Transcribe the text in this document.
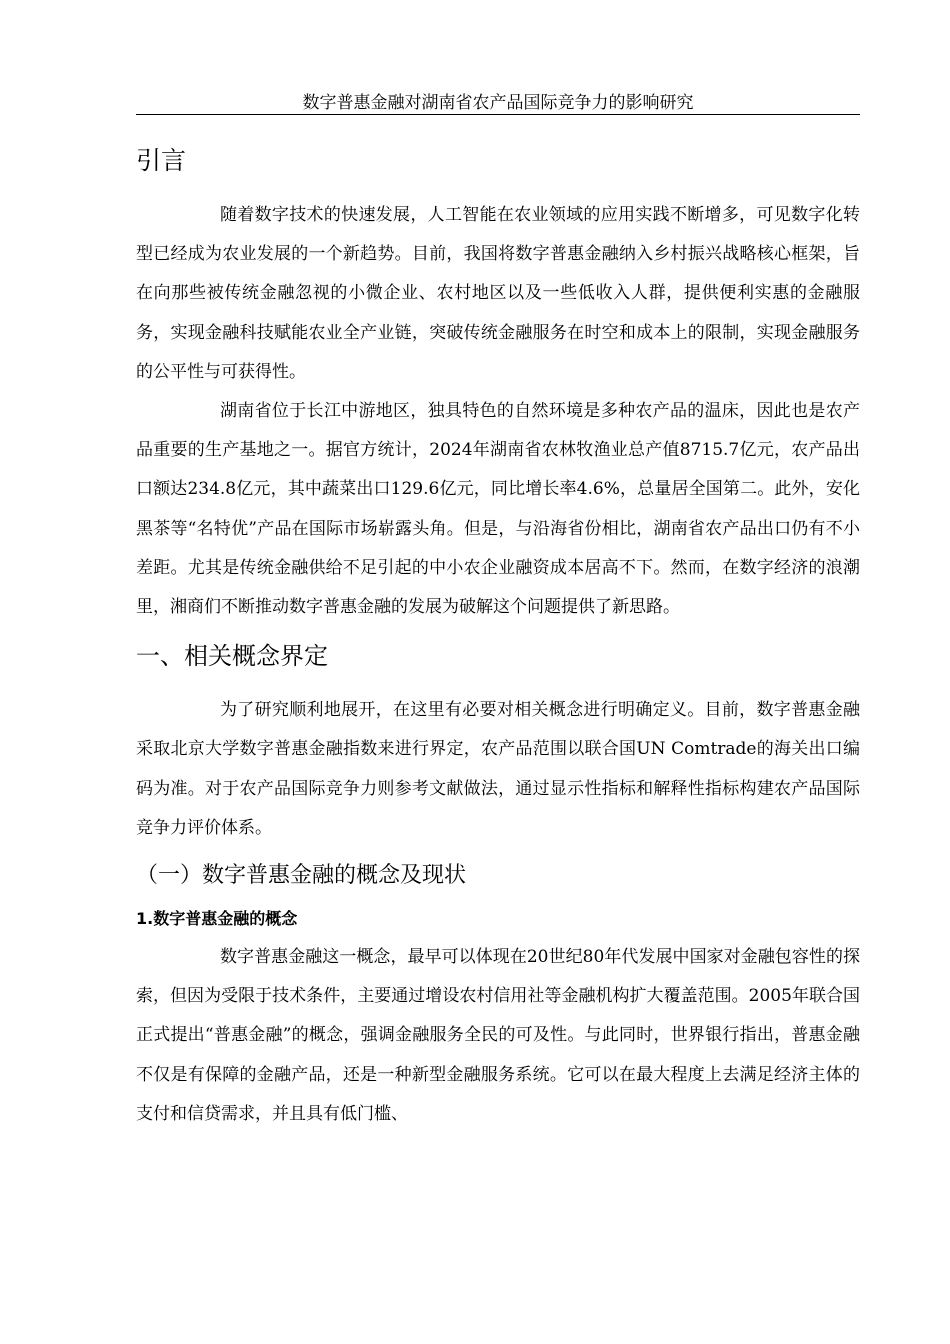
数字普惠金融对湖南省农产品国际竞争力的影响研究
引言

随着数字技术的快速发展，人工智能在农业领域的应用实践不断增多，可见数字化转型已经成为农业发展的一个新趋势。目前，我国将数字普惠金融纳入乡村振兴战略核心框架，旨在向那些被传统金融忽视的小微企业、农村地区以及一些低收入人群，提供便利实惠的金融服务，实现金融科技赋能农业全产业链，突破传统金融服务在时空和成本上的限制，实现金融服务的公平性与可获得性。

湖南省位于长江中游地区，独具特色的自然环境是多种农产品的温床，因此也是农产品重要的生产基地之一。据官方统计，2024年湖南省农林牧渔业总产值8715.7亿元，农产品出口额达234.8亿元，其中蔬菜出口129.6亿元，同比增长率4.6%，总量居全国第二。此外，安化黑茶等“名特优”产品在国际市场崭露头角。但是，与沿海省份相比，湖南省农产品出口仍有不小差距。尤其是传统金融供给不足引起的中小农企业融资成本居高不下。然而，在数字经济的浪潮里，湘商们不断推动数字普惠金融的发展为破解这个问题提供了新思路。

一、相关概念界定

为了研究顺利地展开，在这里有必要对相关概念进行明确定义。目前，数字普惠金融采取北京大学数字普惠金融指数来进行界定，农产品范围以联合国UN Comtrade的海关出口编码为准。对于农产品国际竞争力则参考文献做法，通过显示性指标和解释性指标构建农产品国际竞争力评价体系。

（一）数字普惠金融的概念及现状
1.数字普惠金融的概念

数字普惠金融这一概念，最早可以体现在20世纪80年代发展中国家对金融包容性的探索，但因为受限于技术条件，主要通过增设农村信用社等金融机构扩大覆盖范围。2005年联合国正式提出“普惠金融”的概念，强调金融服务全民的可及性。与此同时，世界银行指出，普惠金融不仅是有保障的金融产品，还是一种新型金融服务系统。它可以在最大程度上去满足经济主体的支付和信贷需求，并且具有低门槛、
